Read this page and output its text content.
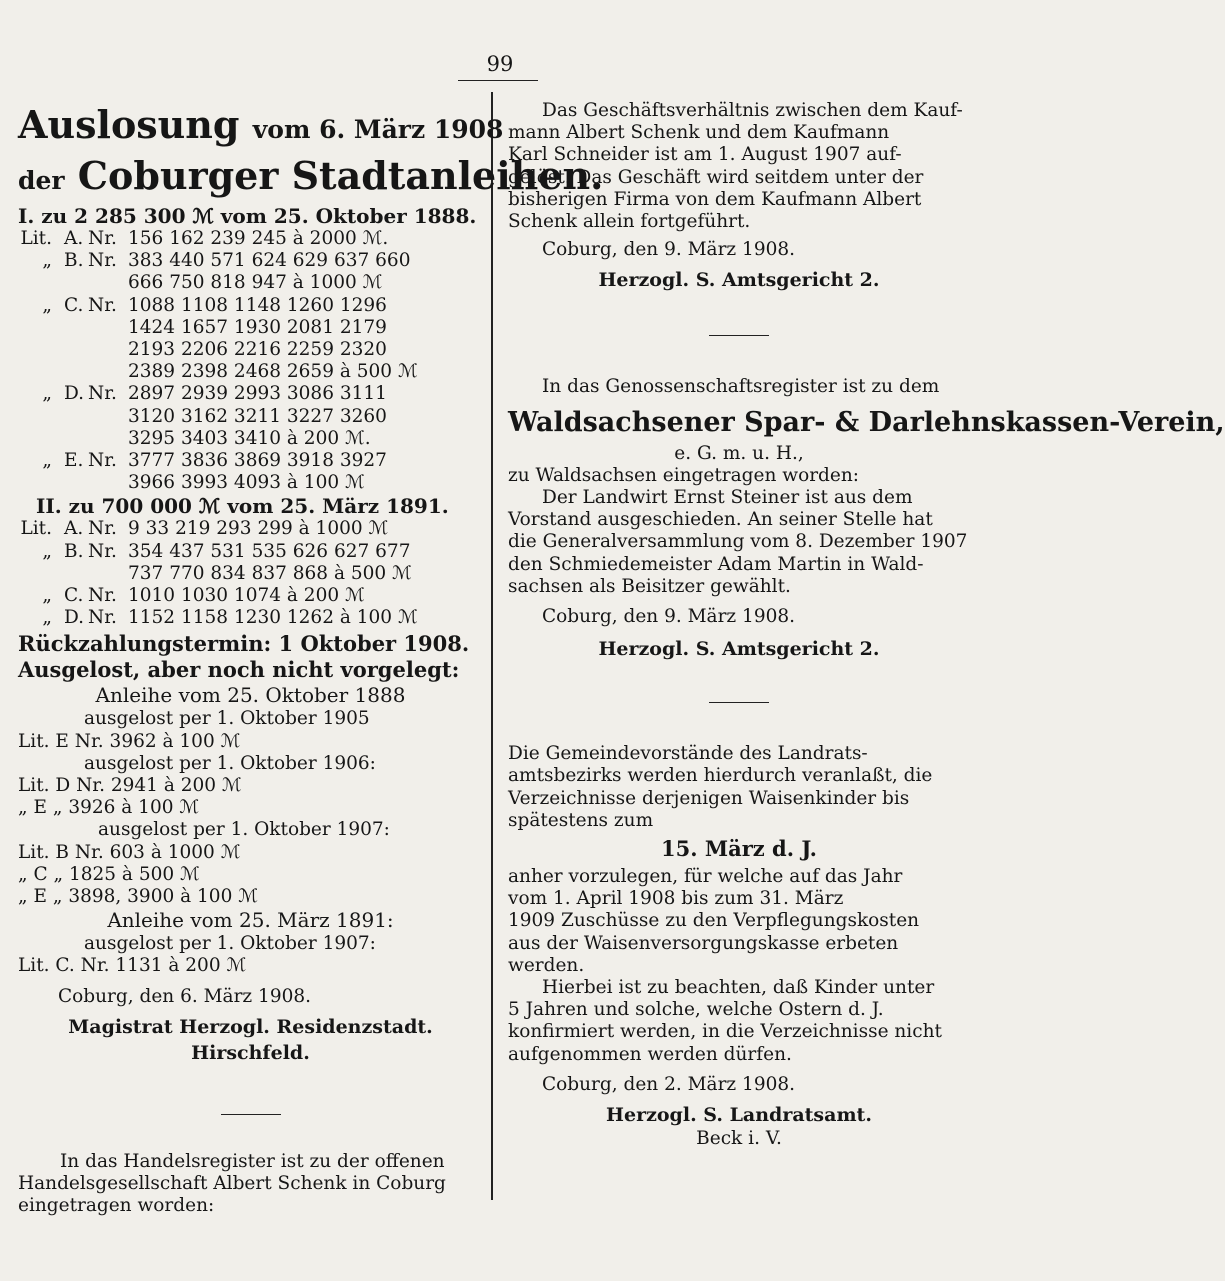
99
Auslosung vom 6. März 1908
der Coburger Stadtanleihen.
I. zu 2 285 300 ℳ vom 25. Oktober 1888.
Lit. A. Nr. 156 162 239 245 à 2000 ℳ.
„ B. Nr. 383 440 571 624 629 637 660
666 750 818 947 à 1000 ℳ
„ C. Nr. 1088 1108 1148 1260 1296
1424 1657 1930 2081 2179
2193 2206 2216 2259 2320
2389 2398 2468 2659 à 500 ℳ
„ D. Nr. 2897 2939 2993 3086 3111
3120 3162 3211 3227 3260
3295 3403 3410 à 200 ℳ.
„ E. Nr. 3777 3836 3869 3918 3927
3966 3993 4093 à 100 ℳ
II. zu 700 000 ℳ vom 25. März 1891.
Lit. A. Nr. 9 33 219 293 299 à 1000 ℳ
„ B. Nr. 354 437 531 535 626 627 677
737 770 834 837 868 à 500 ℳ
„ C. Nr. 1010 1030 1074 à 200 ℳ
„ D. Nr. 1152 1158 1230 1262 à 100 ℳ
Rückzahlungstermin: 1 Oktober 1908.
Ausgelost, aber noch nicht vorgelegt:
Anleihe vom 25. Oktober 1888
ausgelost per 1. Oktober 1905
Lit. E Nr. 3962 à 100 ℳ
ausgelost per 1. Oktober 1906:
Lit. D Nr. 2941 à 200 ℳ
„ E „ 3926 à 100 ℳ
ausgelost per 1. Oktober 1907:
Lit. B Nr. 603 à 1000 ℳ
„ C „ 1825 à 500 ℳ
„ E „ 3898, 3900 à 100 ℳ
Anleihe vom 25. März 1891:
ausgelost per 1. Oktober 1907:
Lit. C. Nr. 1131 à 200 ℳ
Coburg, den 6. März 1908.
Magistrat Herzogl. Residenzstadt.
Hirschfeld.
In das Handelsregister ist zu der offenen
Handelsgesellschaft Albert Schenk in Coburg
eingetragen worden:
Das Geschäftsverhältnis zwischen dem Kauf-
mann Albert Schenk und dem Kaufmann
Karl Schneider ist am 1. August 1907 auf-
gelöst. Das Geschäft wird seitdem unter der
bisherigen Firma von dem Kaufmann Albert
Schenk allein fortgeführt.
Coburg, den 9. März 1908.
Herzogl. S. Amtsgericht 2.
In das Genossenschaftsregister ist zu dem
Waldsachsener Spar- & Darlehnskassen-Verein,
e. G. m. u. H.,
zu Waldsachsen eingetragen worden:
Der Landwirt Ernst Steiner ist aus dem
Vorstand ausgeschieden. An seiner Stelle hat
die Generalversammlung vom 8. Dezember 1907
den Schmiedemeister Adam Martin in Wald-
sachsen als Beisitzer gewählt.
Coburg, den 9. März 1908.
Herzogl. S. Amtsgericht 2.
Die Gemeindevorstände des Landrats-
amtsbezirks werden hierdurch veranlaßt, die
Verzeichnisse derjenigen Waisenkinder bis
spätestens zum
15. März d. J.
anher vorzulegen, für welche auf das Jahr
vom 1. April 1908 bis zum 31. März
1909 Zuschüsse zu den Verpflegungskosten
aus der Waisenversorgungskasse erbeten
werden.
Hierbei ist zu beachten, daß Kinder unter
5 Jahren und solche, welche Ostern d. J.
konfirmiert werden, in die Verzeichnisse nicht
aufgenommen werden dürfen.
Coburg, den 2. März 1908.
Herzogl. S. Landratsamt.
Beck i. V.
